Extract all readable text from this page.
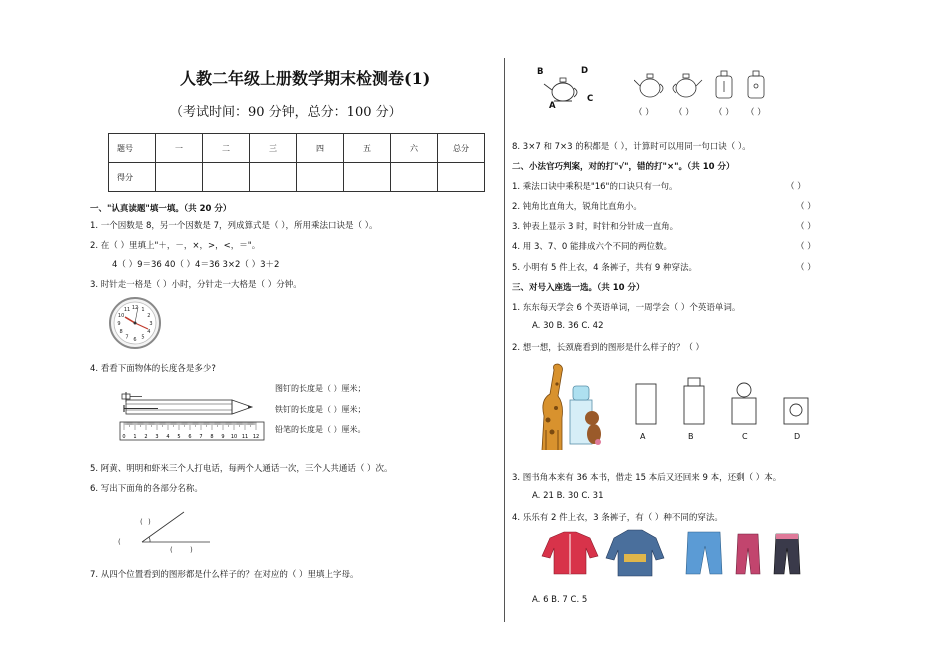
人教二年级上册数学期末检测卷(1)
（考试时间：90 分钟，总分：100 分）
题号	一	二	三	四	五	六	总分
得分							
一、"认真读题"填一填。（共 20 分）
1. 一个因数是 8，另一个因数是 7，列成算式是（ ），所用乘法口诀是（ ）。
2. 在（ ）里填上"＋，－，×，>，<，＝"。
4（ ）9＝36 40（ ）4＝36 3×2（ ）3＋2
3. 时针走一格是（ ）小时，分针走一大格是（ ）分钟。
12 1
2
3
4
5
6
7
8
9
10
11
4. 看看下面物体的长度各是多少?
0 1 2 3 4 5 6 7 8 9 10 11 12
图钉的长度是（ ）厘米；
铁钉的长度是（ ）厘米；
铅笔的长度是（ ）厘米。
5. 阿黄、明明和虾米三个人打电话，每两个人通话一次，三个人共通话（ ）次。
6. 写出下面角的各部分名称。
( )
(
( )
7. 从四个位置看到的图形都是什么样子的？在对应的（ ）里填上字母。
B	D
A
C
（ ） （ ） （ ） （ ）
8. 3×7 和 7×3 的积都是（ ），计算时可以用同一句口诀（ ）。
二、小法官巧判案，对的打"√"，错的打"×"。（共 10 分）
1. 乘法口诀中乘积是"16"的口诀只有一句。	（ ）
2. 钝角比直角大，锐角比直角小。	（ ）
3. 钟表上显示 3 时，时针和分针成一直角。	（ ）
4. 用 3、7、0 能排成六个不同的两位数。	（ ）
5. 小明有 5 件上衣，4 条裤子，共有 9 种穿法。	（ ）
三、对号入座选一选。（共 10 分）
1. 东东每天学会 6 个英语单词，一周学会（ ）个英语单词。
A. 30 B. 36 C. 42
2. 想一想，长颈鹿看到的图形是什么样子的？（ ）
A	B	C	D
3. 图书角本来有 36 本书，借走 15 本后又还回来 9 本，还剩（ ）本。
A. 21 B. 30 C. 31
4. 乐乐有 2 件上衣，3 条裤子，有（ ）种不同的穿法。
A. 6 B. 7 C. 5
